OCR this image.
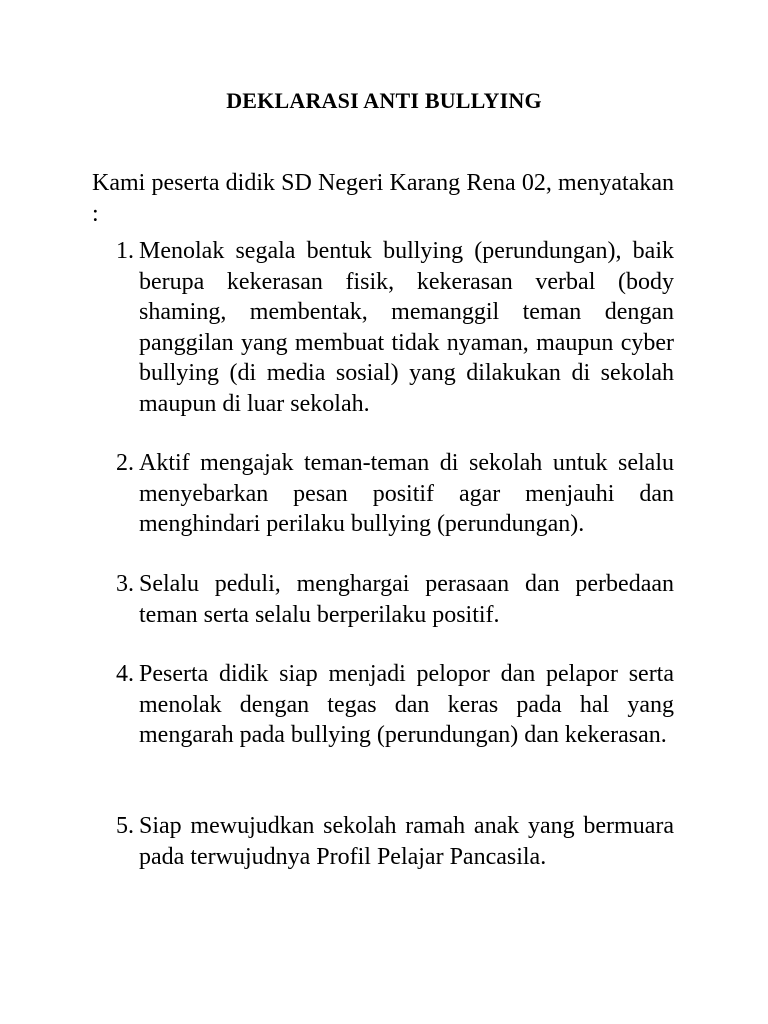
DEKLARASI ANTI BULLYING
Kami peserta didik SD Negeri Karang Rena 02, menyatakan :
1. Menolak segala bentuk bullying (perundungan), baik berupa kekerasan fisik, kekerasan verbal (body shaming, membentak, memanggil teman dengan panggilan yang membuat tidak nyaman, maupun cyber bullying (di media sosial) yang dilakukan di sekolah maupun di luar sekolah.
2. Aktif mengajak teman-teman di sekolah untuk selalu menyebarkan pesan positif agar menjauhi dan menghindari perilaku bullying (perundungan).
3. Selalu peduli, menghargai perasaan dan perbedaan teman serta selalu berperilaku positif.
4. Peserta didik siap menjadi pelopor dan pelapor serta menolak dengan tegas dan keras pada hal yang mengarah pada bullying (perundungan) dan kekerasan.
5. Siap mewujudkan sekolah ramah anak yang bermuara pada terwujudnya Profil Pelajar Pancasila.
